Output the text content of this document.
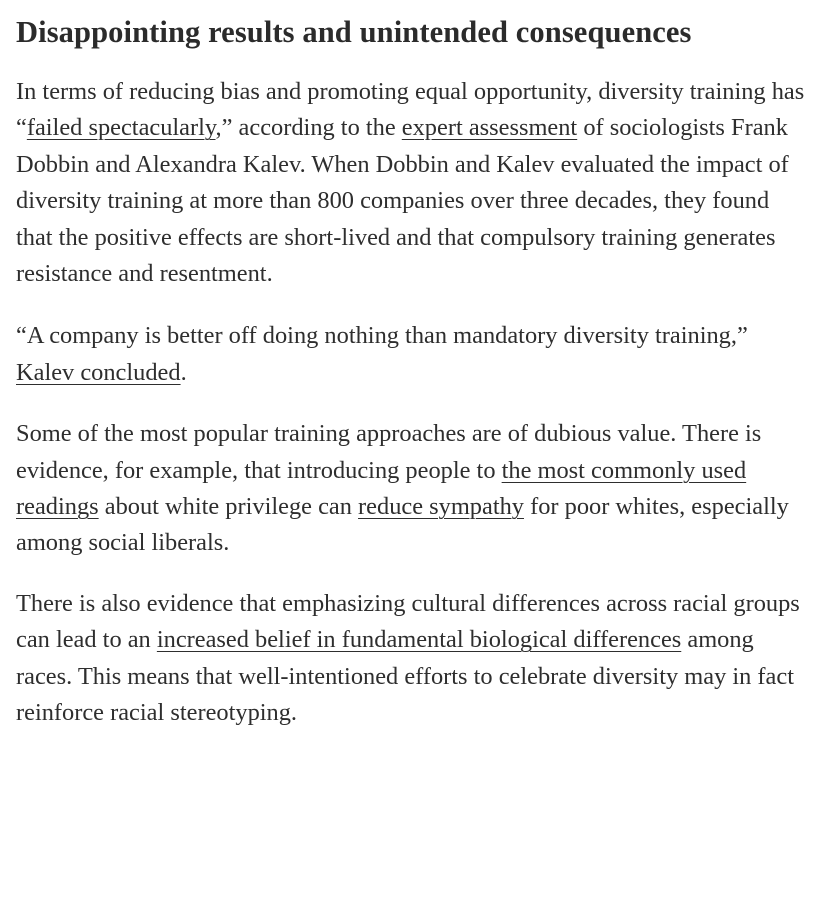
Disappointing results and unintended consequences

In terms of reducing bias and promoting equal opportunity, diversity training has “failed spectacularly,” according to the expert assessment of sociologists Frank Dobbin and Alexandra Kalev. When Dobbin and Kalev evaluated the impact of diversity training at more than 800 companies over three decades, they found that the positive effects are short-lived and that compulsory training generates resistance and resentment.

“A company is better off doing nothing than mandatory diversity training,” Kalev concluded.

Some of the most popular training approaches are of dubious value. There is evidence, for example, that introducing people to the most commonly used readings about white privilege can reduce sympathy for poor whites, especially among social liberals.

There is also evidence that emphasizing cultural differences across racial groups can lead to an increased belief in fundamental biological differences among races. This means that well-intentioned efforts to celebrate diversity may in fact reinforce racial stereotyping.
